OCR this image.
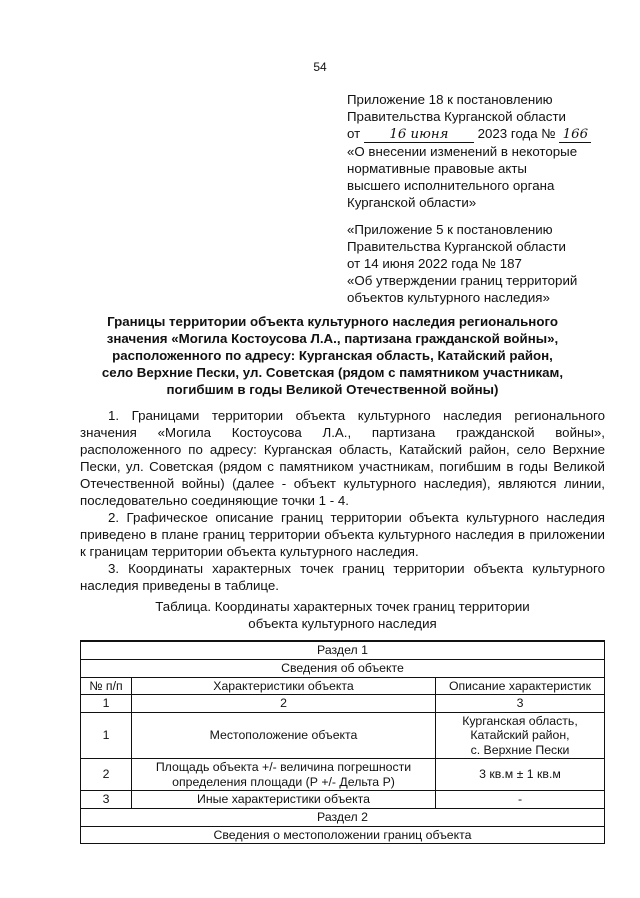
54

Приложение 18 к постановлению

Правительства Курганской области

от 16 июня 2023 года № 166

«О внесении изменений в некоторые

нормативные правовые акты

высшего исполнительного органа

Курганской области»

«Приложение 5 к постановлению

Правительства Курганской области

от 14 июня 2022 года № 187

«Об утверждении границ территорий

объектов культурного наследия»

Границы территории объекта культурного наследия регионального

значения «Могила Костоусова Л.А., партизана гражданской войны»,

расположенного по адресу: Курганская область, Катайский район,

село Верхние Пески, ул. Советская (рядом с памятником участникам,

погибшим в годы Великой Отечественной войны)

1. Границами территории объекта культурного наследия регионального значения «Могила Костоусова Л.А., партизана гражданской войны», расположенного по адресу: Курганская область, Катайский район, село Верхние Пески, ул. Советская (рядом с памятником участникам, погибшим в годы Великой Отечественной войны) (далее - объект культурного наследия), являются линии, последовательно соединяющие точки 1 - 4.

2. Графическое описание границ территории объекта культурного наследия приведено в плане границ территории объекта культурного наследия в приложении к границам территории объекта культурного наследия.

3. Координаты характерных точек границ территории объекта культурного наследия приведены в таблице.

Таблица. Координаты характерных точек границ территории

объекта культурного наследия

Раздел 1		
Сведения об объекте		
№ п/п	Характеристики объекта	Описание характеристик
1	2	3
1	Местоположение объекта	Курганская область,
Катайский район,
с. Верхние Пески

2	Площадь объекта +/- величина погрешности
определения площади (Р +/- Дельта Р)	3 кв.м ± 1 кв.м
3	Иные характеристики объекта	-
Раздел 2		
Сведения о местоположении границ объекта		
